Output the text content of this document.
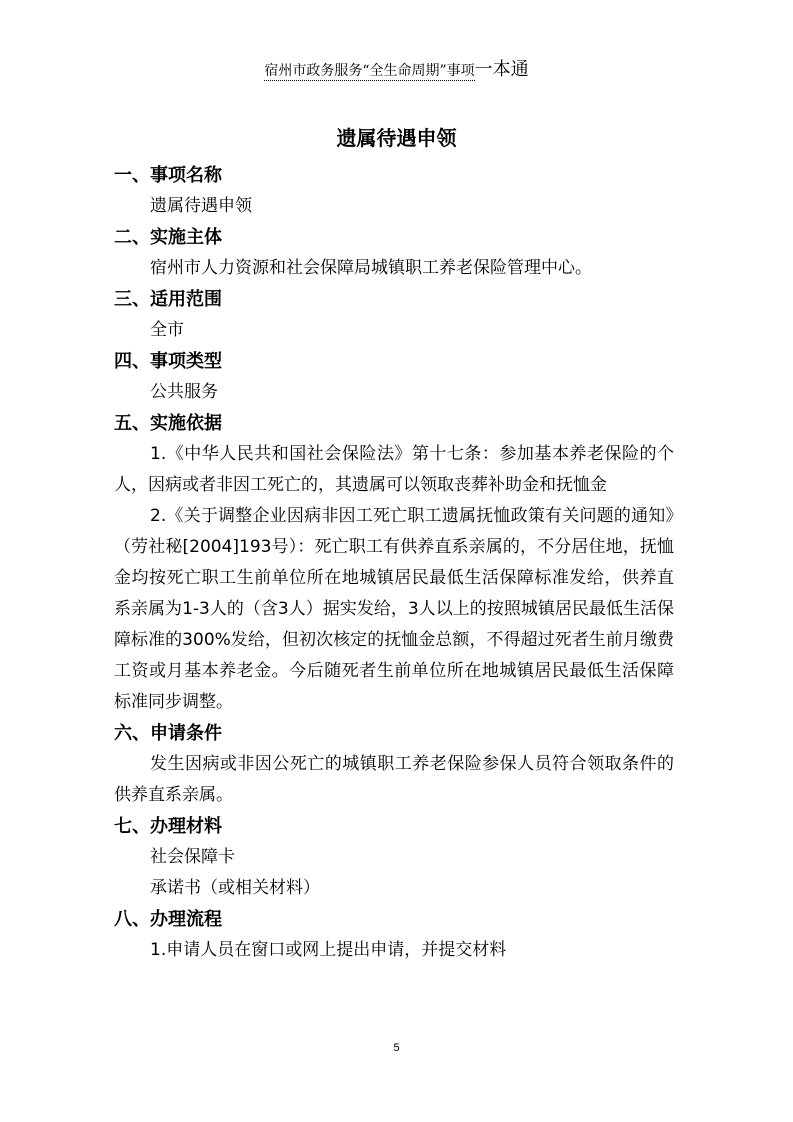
宿州市政务服务“全生命周期”事项一本通
遗属待遇申领
一、事项名称
遗属待遇申领
二、实施主体
宿州市人力资源和社会保障局城镇职工养老保险管理中心。
三、适用范围
全市
四、事项类型
公共服务
五、实施依据
1.《中华人民共和国社会保险法》第十七条：参加基本养老保险的个人，因病或者非因工死亡的，其遗属可以领取丧葬补助金和抚恤金
2.《关于调整企业因病非因工死亡职工遗属抚恤政策有关问题的通知》（劳社秘[2004]193号）：死亡职工有供养直系亲属的，不分居住地，抚恤金均按死亡职工生前单位所在地城镇居民最低生活保障标准发给，供养直系亲属为1-3人的（含3人）据实发给，3人以上的按照城镇居民最低生活保障标准的300%发给，但初次核定的抚恤金总额，不得超过死者生前月缴费工资或月基本养老金。今后随死者生前单位所在地城镇居民最低生活保障标准同步调整。
六、申请条件
发生因病或非因公死亡的城镇职工养老保险参保人员符合领取条件的供养直系亲属。
七、办理材料
社会保障卡
承诺书（或相关材料）
八、办理流程
1.申请人员在窗口或网上提出申请，并提交材料
5
